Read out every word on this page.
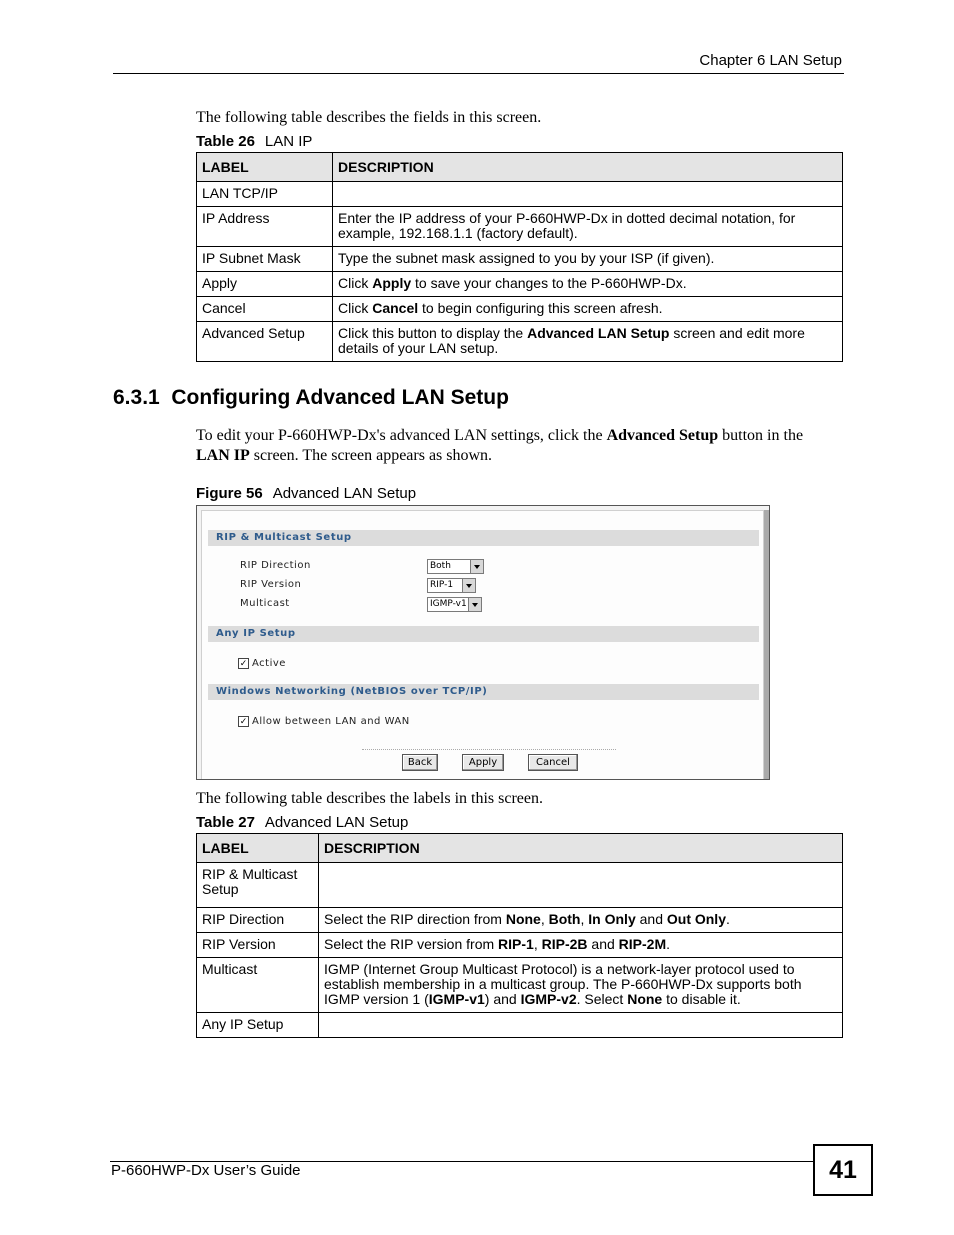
Chapter 6 LAN Setup
The following table describes the fields in this screen.
Table 26 LAN IP
LABEL	DESCRIPTION
LAN TCP/IP	
IP Address	Enter the IP address of your P-660HWP-Dx in dotted decimal notation, for example, 192.168.1.1 (factory default).
IP Subnet Mask	Type the subnet mask assigned to you by your ISP (if given).
Apply	Click Apply to save your changes to the P-660HWP-Dx.
Cancel	Click Cancel to begin configuring this screen afresh.
Advanced Setup	Click this button to display the Advanced LAN Setup screen and edit more details of your LAN setup.
6.3.1  Configuring Advanced LAN Setup
To edit your P-660HWP-Dx's advanced LAN settings, click the Advanced Setup button in the LAN IP screen. The screen appears as shown.
Figure 56 Advanced LAN Setup
RIP & Multicast Setup
RIP Direction	Both
RIP Version	RIP-1
Multicast	IGMP-v1
Any IP Setup
✓ Active
Windows Networking (NetBIOS over TCP/IP)
✓ Allow between LAN and WAN
Back	Apply	Cancel
The following table describes the labels in this screen.
Table 27 Advanced LAN Setup
LABEL	DESCRIPTION
RIP & Multicast Setup	
RIP Direction	Select the RIP direction from None, Both, In Only and Out Only.
RIP Version	Select the RIP version from RIP-1, RIP-2B and RIP-2M.
Multicast	IGMP (Internet Group Multicast Protocol) is a network-layer protocol used to establish membership in a multicast group. The P-660HWP-Dx supports both IGMP version 1 (IGMP-v1) and IGMP-v2. Select None to disable it.
Any IP Setup	
P-660HWP-Dx User’s Guide	41
